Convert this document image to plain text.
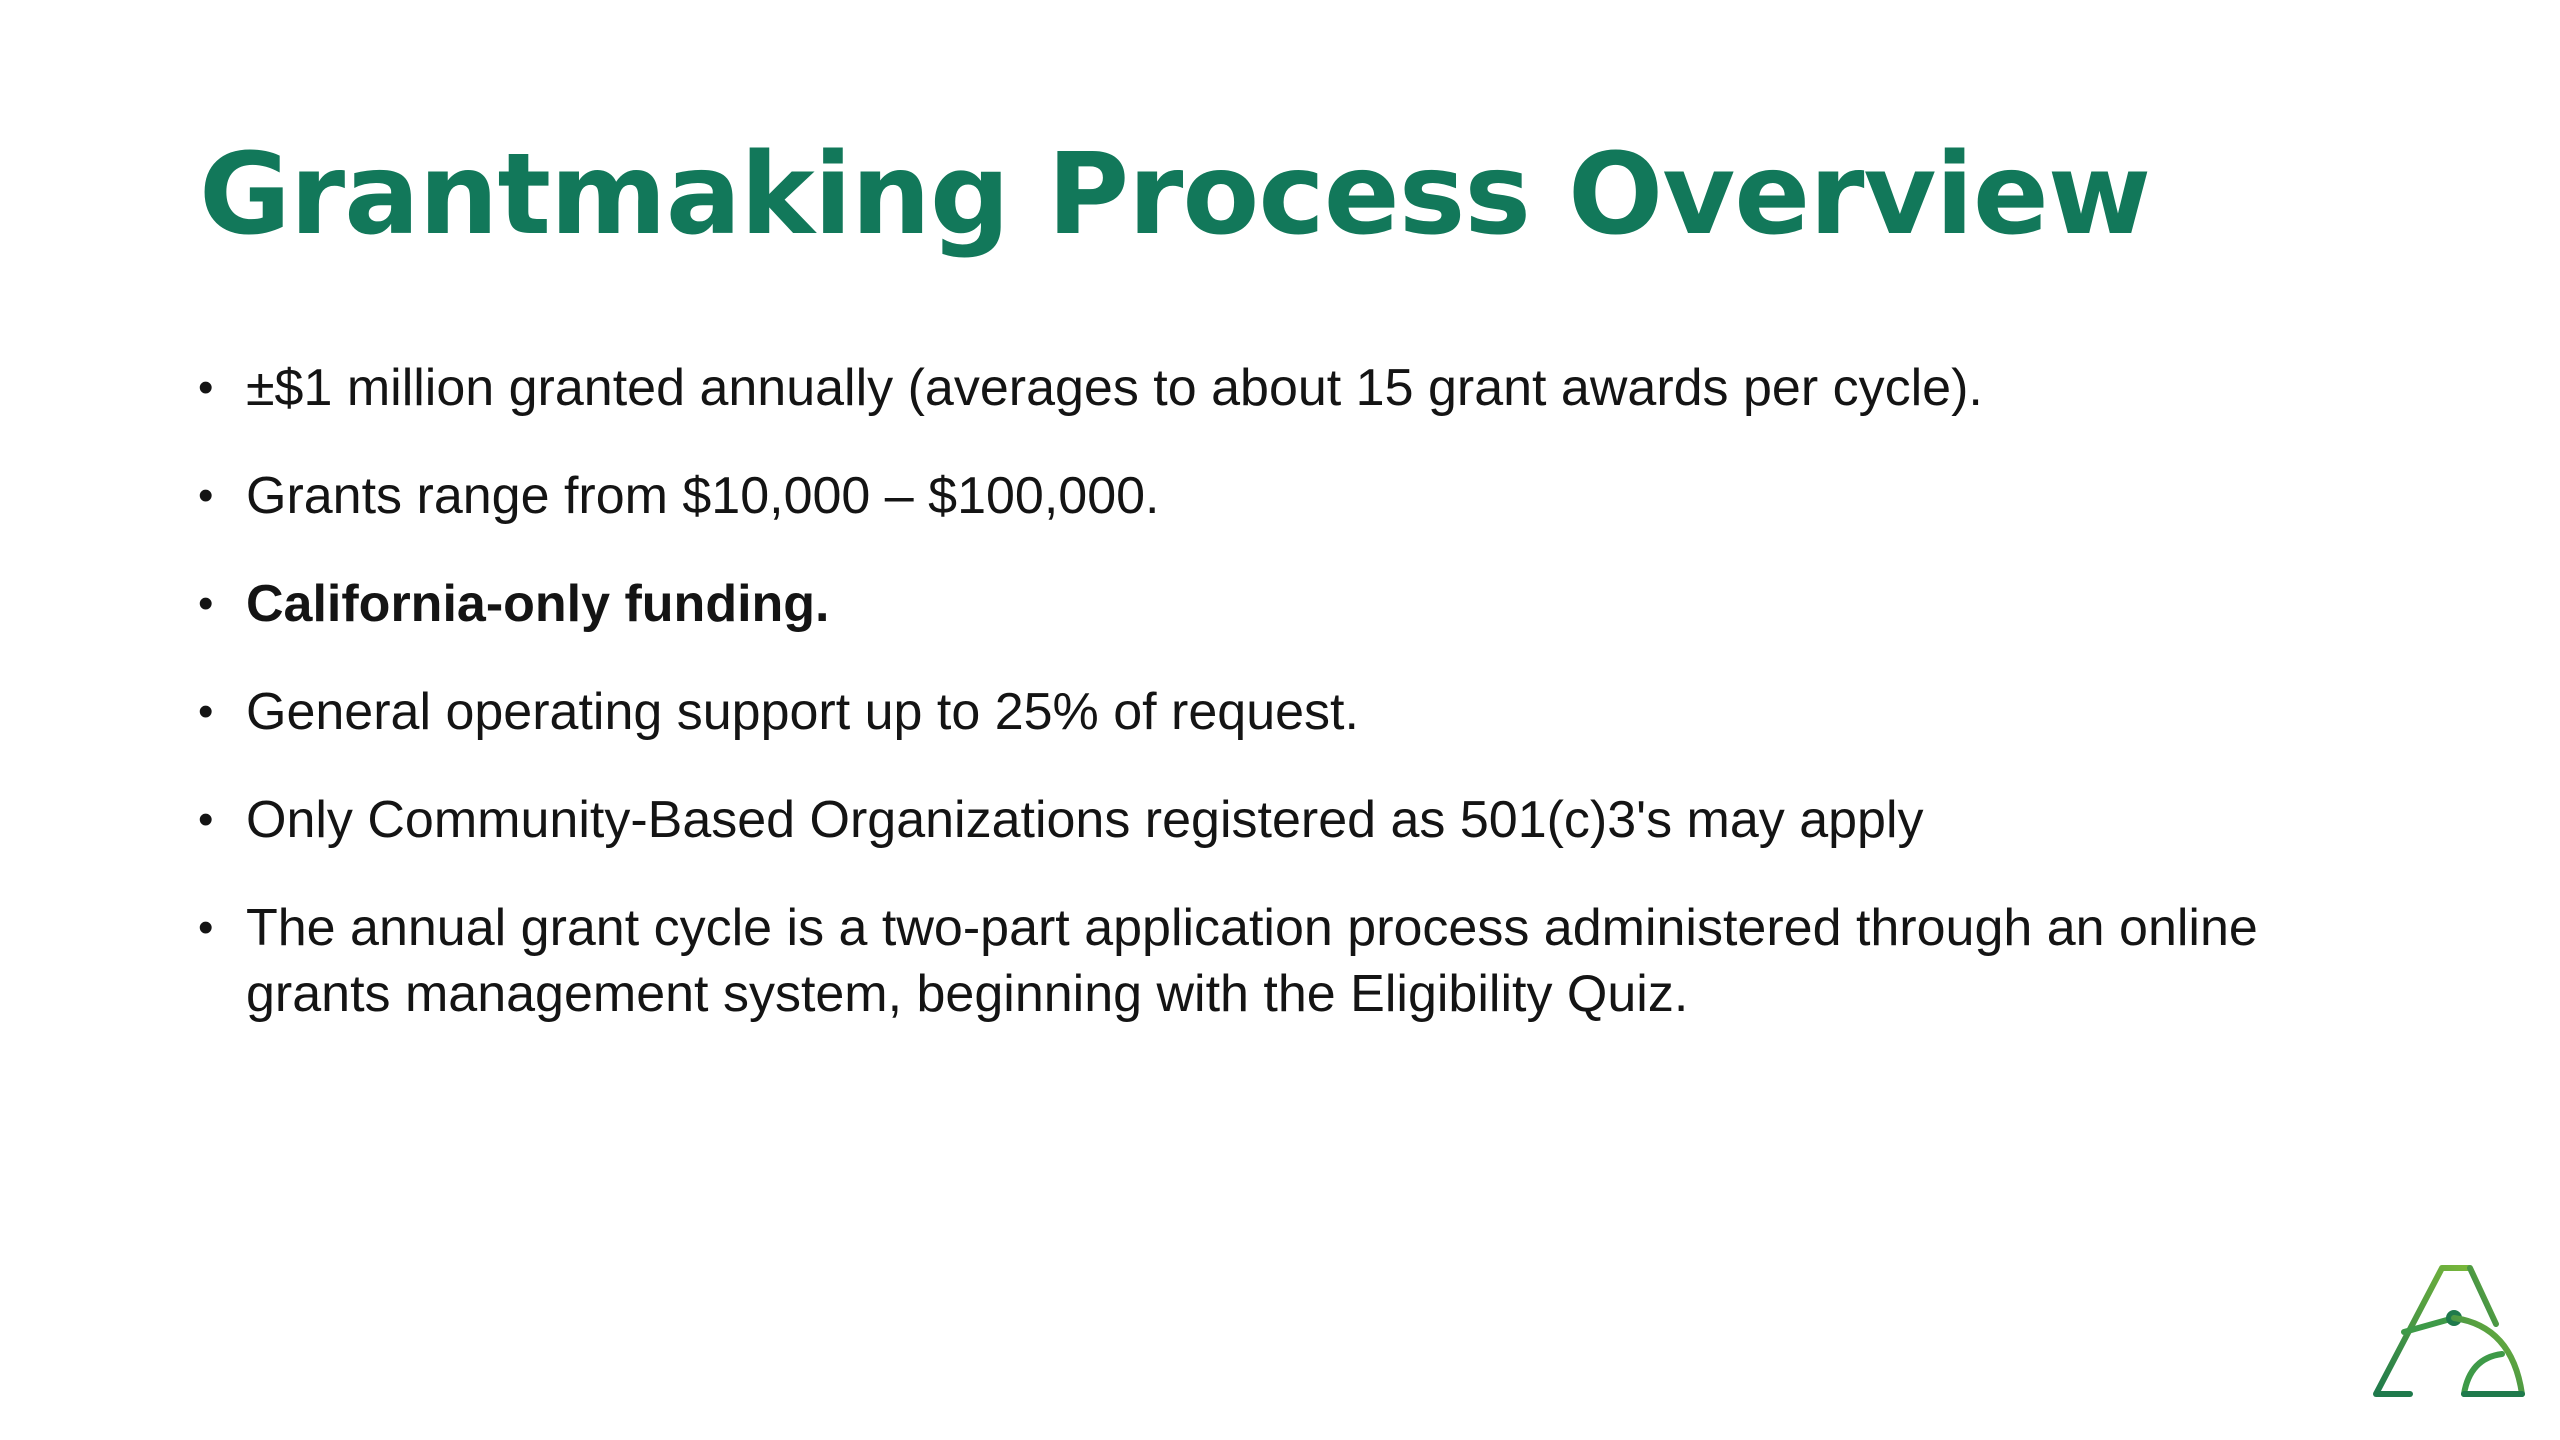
Grantmaking Process Overview
• ±$1 million granted annually (averages to about 15 grant awards per cycle).
• Grants range from $10,000 – $100,000.
• California-only funding.
• General operating support up to 25% of request.
• Only Community-Based Organizations registered as 501(c)3's may apply
• The annual grant cycle is a two-part application process administered through an online grants management system, beginning with the Eligibility Quiz.
